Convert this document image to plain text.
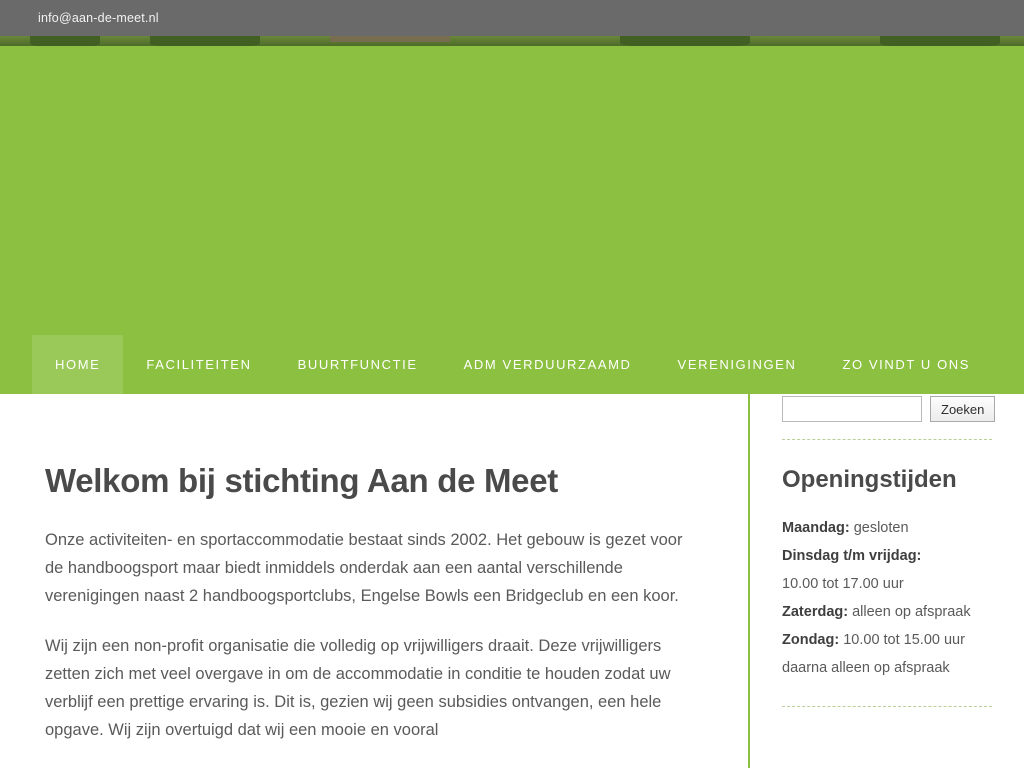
info@aan-de-meet.nl
HOME	FACILITEITEN	BUURTFUNCTIE	ADM VERDUURZAAMD	VERENIGINGEN	ZO VINDT U ONS
Welkom bij stichting Aan de Meet

Onze activiteiten- en sportaccommodatie bestaat sinds 2002. Het gebouw is gezet voor de handboogsport maar biedt inmiddels onderdak aan een aantal verschillende verenigingen naast 2 handboogsportclubs, Engelse Bowls een Bridgeclub en een koor.

Wij zijn een non-profit organisatie die volledig op vrijwilligers draait. Deze vrijwilligers zetten zich met veel overgave in om de accommodatie in conditie te houden zodat uw verblijf een prettige ervaring is. Dit is, gezien wij geen subsidies ontvangen, een hele opgave. Wij zijn overtuigd dat wij een mooie en vooral

Zoeken
Openingstijden
Maandag: gesloten
Dinsdag t/m vrijdag:
10.00 tot 17.00 uur
Zaterdag: alleen op afspraak
Zondag: 10.00 tot 15.00 uur
daarna alleen op afspraak
